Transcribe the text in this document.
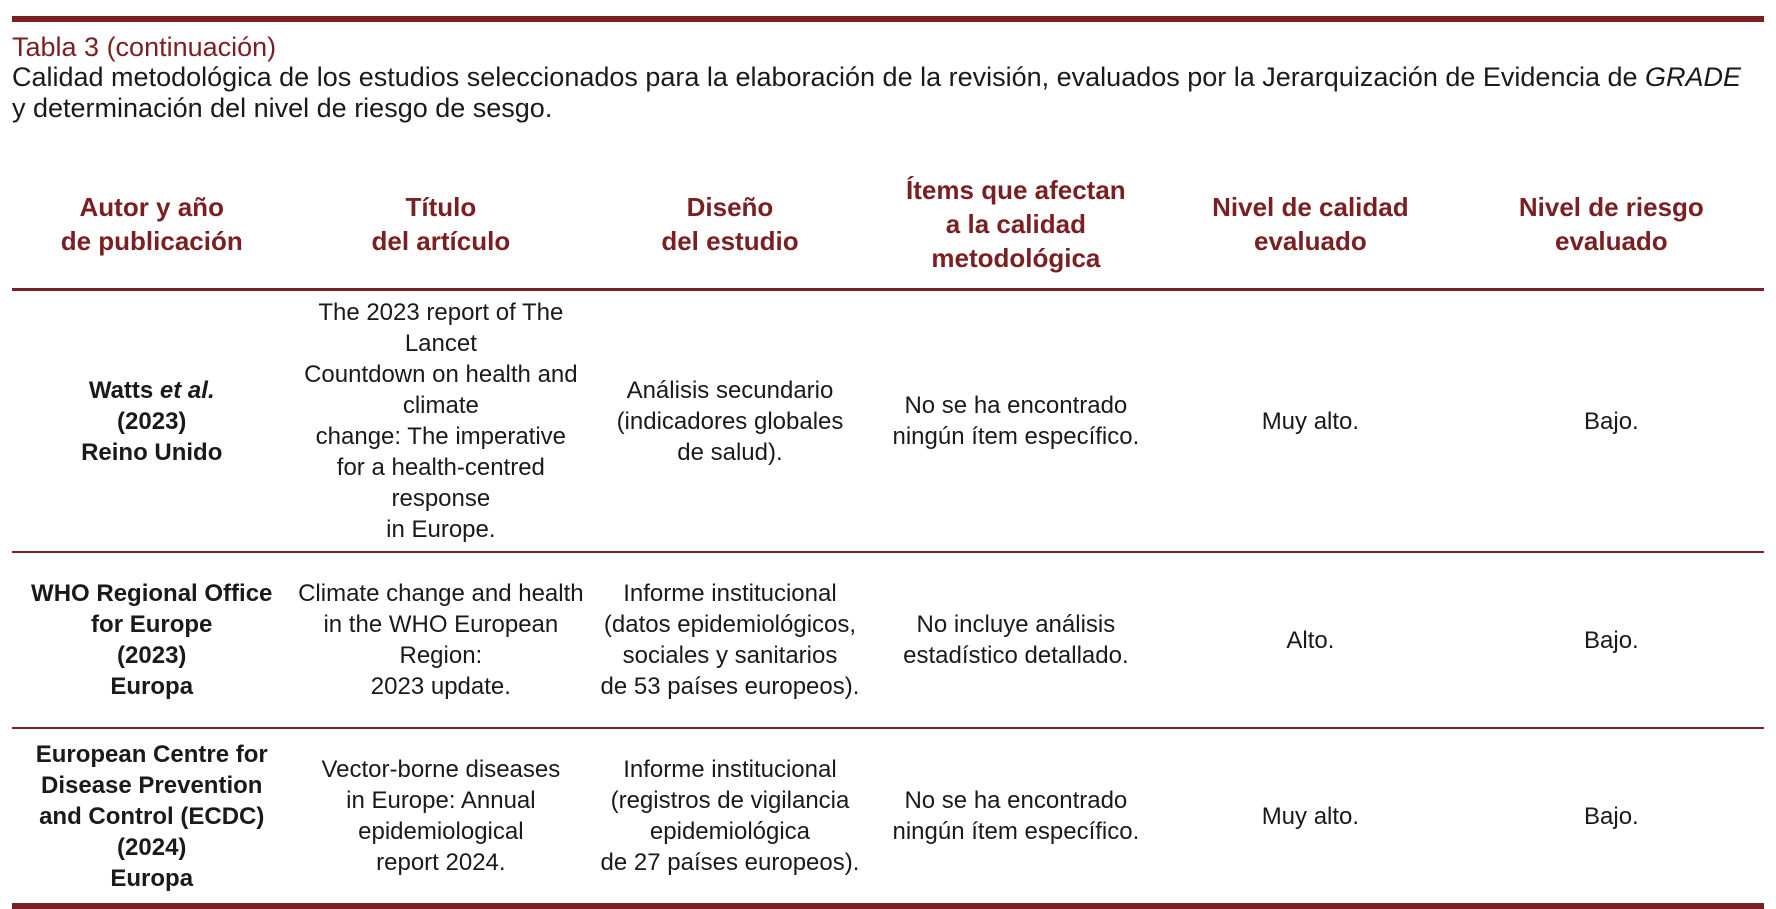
Tabla 3 (continuación)
Calidad metodológica de los estudios seleccionados para la elaboración de la revisión, evaluados por la Jerarquización de Evidencia de GRADE y determinación del nivel de riesgo de sesgo.
Autor y año
de publicación	Título
del artículo	Diseño
del estudio	Ítems que afectan
a la calidad
metodológica	Nivel de calidad
evaluado	Nivel de riesgo
evaluado

Watts et al.
(2023)
Reino Unido	The 2023 report of The Lancet
Countdown on health and climate
change: The imperative
for a health-centred response
in Europe.	Análisis secundario
(indicadores globales
de salud).	No se ha encontrado
ningún ítem específico.	Muy alto.	Bajo.

WHO Regional Office
for Europe
(2023)
Europa	Climate change and health
in the WHO European Region:
2023 update.	Informe institucional
(datos epidemiológicos,
sociales y sanitarios
de 53 países europeos).	No incluye análisis
estadístico detallado.	Alto.	Bajo.

European Centre for
Disease Prevention
and Control (ECDC)
(2024)
Europa	Vector-borne diseases
in Europe: Annual epidemiological
report 2024.	Informe institucional
(registros de vigilancia
epidemiológica
de 27 países europeos).	No se ha encontrado
ningún ítem específico.	Muy alto.	Bajo.
